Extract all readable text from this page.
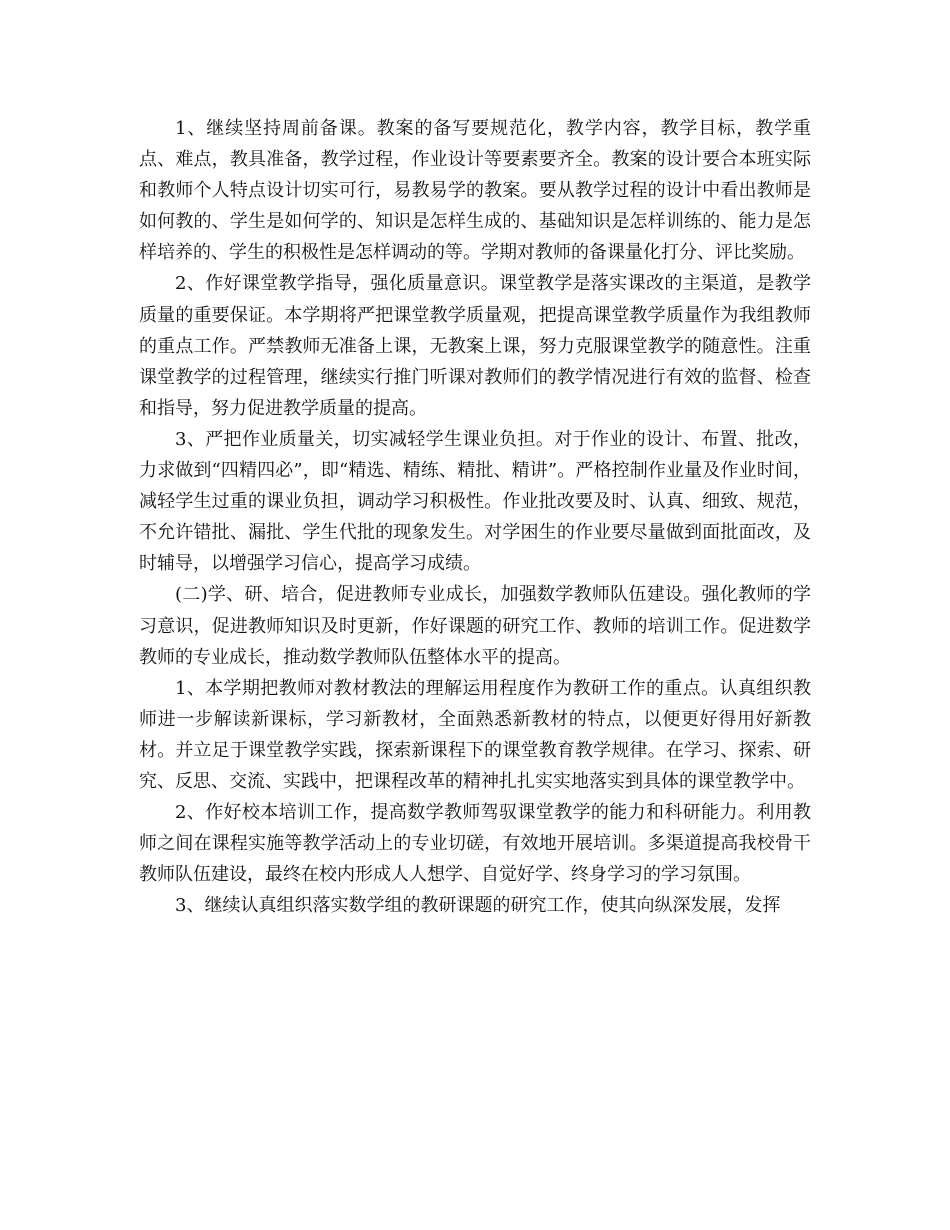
1、继续坚持周前备课。教案的备写要规范化，教学内容，教学目标，教学重点、难点，教具准备，教学过程，作业设计等要素要齐全。教案的设计要合本班实际和教师个人特点设计切实可行，易教易学的教案。要从教学过程的设计中看出教师是如何教的、学生是如何学的、知识是怎样生成的、基础知识是怎样训练的、能力是怎样培养的、学生的积极性是怎样调动的等。学期对教师的备课量化打分、评比奖励。

2、作好课堂教学指导，强化质量意识。课堂教学是落实课改的主渠道，是教学质量的重要保证。本学期将严把课堂教学质量观，把提高课堂教学质量作为我组教师的重点工作。严禁教师无准备上课，无教案上课，努力克服课堂教学的随意性。注重课堂教学的过程管理，继续实行推门听课对教师们的教学情况进行有效的监督、检查和指导，努力促进教学质量的提高。

3、严把作业质量关，切实减轻学生课业负担。对于作业的设计、布置、批改，力求做到“四精四必”，即“精选、精练、精批、精讲”。严格控制作业量及作业时间，减轻学生过重的课业负担，调动学习积极性。作业批改要及时、认真、细致、规范，不允许错批、漏批、学生代批的现象发生。对学困生的作业要尽量做到面批面改，及时辅导，以增强学习信心，提高学习成绩。

(二)学、研、培合，促进教师专业成长，加强数学教师队伍建设。强化教师的学习意识，促进教师知识及时更新，作好课题的研究工作、教师的培训工作。促进数学教师的专业成长，推动数学教师队伍整体水平的提高。

1、本学期把教师对教材教法的理解运用程度作为教研工作的重点。认真组织教师进一步解读新课标，学习新教材，全面熟悉新教材的特点，以便更好得用好新教材。并立足于课堂教学实践，探索新课程下的课堂教育教学规律。在学习、探索、研究、反思、交流、实践中，把课程改革的精神扎扎实实地落实到具体的课堂教学中。

2、作好校本培训工作，提高数学教师驾驭课堂教学的能力和科研能力。利用教师之间在课程实施等教学活动上的专业切磋，有效地开展培训。多渠道提高我校骨干教师队伍建设，最终在校内形成人人想学、自觉好学、终身学习的学习氛围。

3、继续认真组织落实数学组的教研课题的研究工作，使其向纵深发展，发挥
